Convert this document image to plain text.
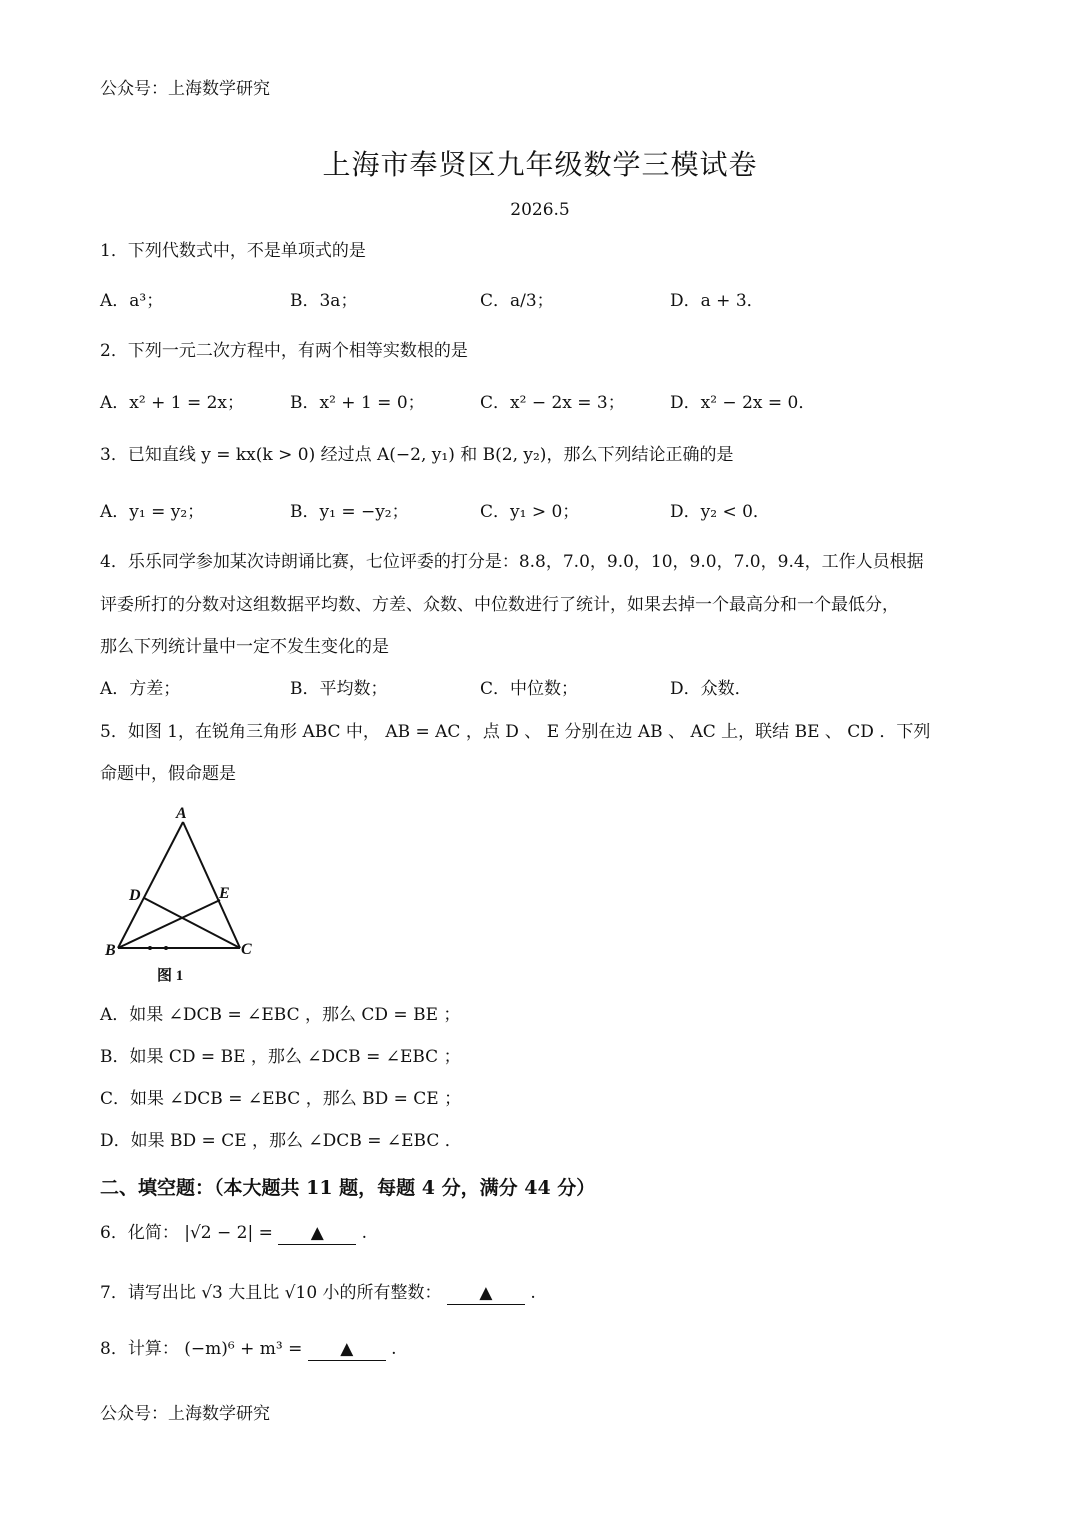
公众号：上海数学研究
上海市奉贤区九年级数学三模试卷
2026.5
1．下列代数式中，不是单项式的是
A．a³；	B．3a；	C．a/3；	D．a + 3．
2．下列一元二次方程中，有两个相等实数根的是
A．x² + 1 = 2x；	B．x² + 1 = 0；	C．x² − 2x = 3；	D．x² − 2x = 0．
3．已知直线 y = kx(k > 0) 经过点 A(−2, y₁) 和 B(2, y₂)，那么下列结论正确的是
A．y₁ = y₂；	B．y₁ = −y₂；	C．y₁ > 0；	D．y₂ < 0．
4．乐乐同学参加某次诗朗诵比赛，七位评委的打分是：8.8，7.0，9.0，10，9.0，7.0，9.4，工作人员根据
评委所打的分数对这组数据平均数、方差、众数、中位数进行了统计，如果去掉一个最高分和一个最低分，
那么下列统计量中一定不发生变化的是
A．方差；	B．平均数；	C．中位数；	D．众数．
5．如图 1，在锐角三角形 ABC 中， AB = AC ，点 D 、 E 分别在边 AB 、 AC 上，联结 BE 、 CD ．下列
命题中，假命题是
A
D	E
B	C
图 1
A．如果 ∠DCB = ∠EBC ，那么 CD = BE ；
B．如果 CD = BE ，那么 ∠DCB = ∠EBC ；
C．如果 ∠DCB = ∠EBC ，那么 BD = CE ；
D．如果 BD = CE ，那么 ∠DCB = ∠EBC ．
二、填空题：（本大题共 11 题，每题 4 分，满分 44 分）
6．化简： |√2 − 2| = ▲ .
7．请写出比 √3 大且比 √10 小的所有整数： ▲ .
8．计算： (−m)⁶ + m³ = ▲ .
公众号：上海数学研究
